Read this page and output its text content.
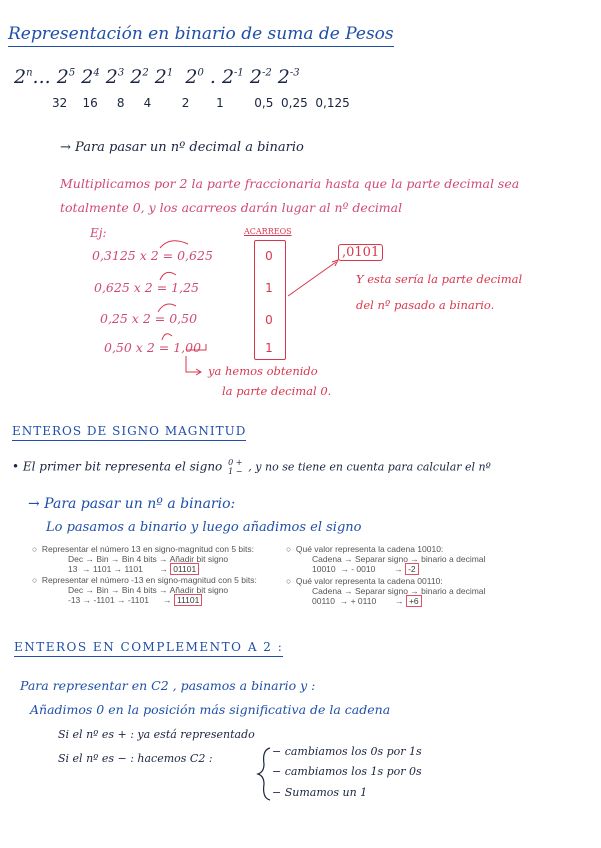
Representación en binario de suma de Pesos
2$^n$... $2^5$ $2^4$ $2^3$ $2^2$ $2^1$ $2^0$ . $2^{-1}$ $2^{-2}$ $2^{-3}$
32 16 8 4	2 1	0,5 0,25 0,125
→ Para pasar un nº decimal a binario
Multiplicamos por 2 la parte fraccionaria hasta que la parte decimal sea
totalmente 0, y los acarreos darán lugar al nº decimal
Ej:	ACARREOS
0,3125 x 2 = 0,625
0,625 x 2 = 1,25
0,25 x 2 = 0,50
0,50 x 2 = 1,00
0
1
0
1
,0101
Y esta sería la parte decimal
del nº pasado a binario.
ya hemos obtenido
la parte decimal 0.
ENTEROS DE SIGNO MAGNITUD
• El primer bit representa el signo 0 +
1 − , y no se tiene en cuenta para calcular el nº
→ Para pasar un nº a binario:
Lo pasamos a binario y luego añadimos el signo
○  Representar el número 13 en signo-magnitud con 5 bits:
Dec → Bin → Bin 4 bits → Añadir bit signo
13  → 1101 → 1101       → 01101
○  Representar el número -13 en signo-magnitud con 5 bits:
Dec → Bin → Bin 4 bits → Añadir bit signo
-13 → -1101 → -1101      → 11101
○  Qué valor representa la cadena 10010:
Cadena → Separar signo → binario a decimal
10010  → - 0010        → -2
○  Qué valor representa la cadena 00110:
Cadena → Separar signo → binario a decimal
00110  → + 0110        → +6
ENTEROS EN COMPLEMENTO A 2 :
Para representar en C2 , pasamos a binario y :
Añadimos 0 en la posición más significativa de la cadena
Si el nº es + : ya está representado
Si el nº es − : hacemos C2 :
− cambiamos los 0s por 1s
− cambiamos los 1s por 0s
− Sumamos un 1
